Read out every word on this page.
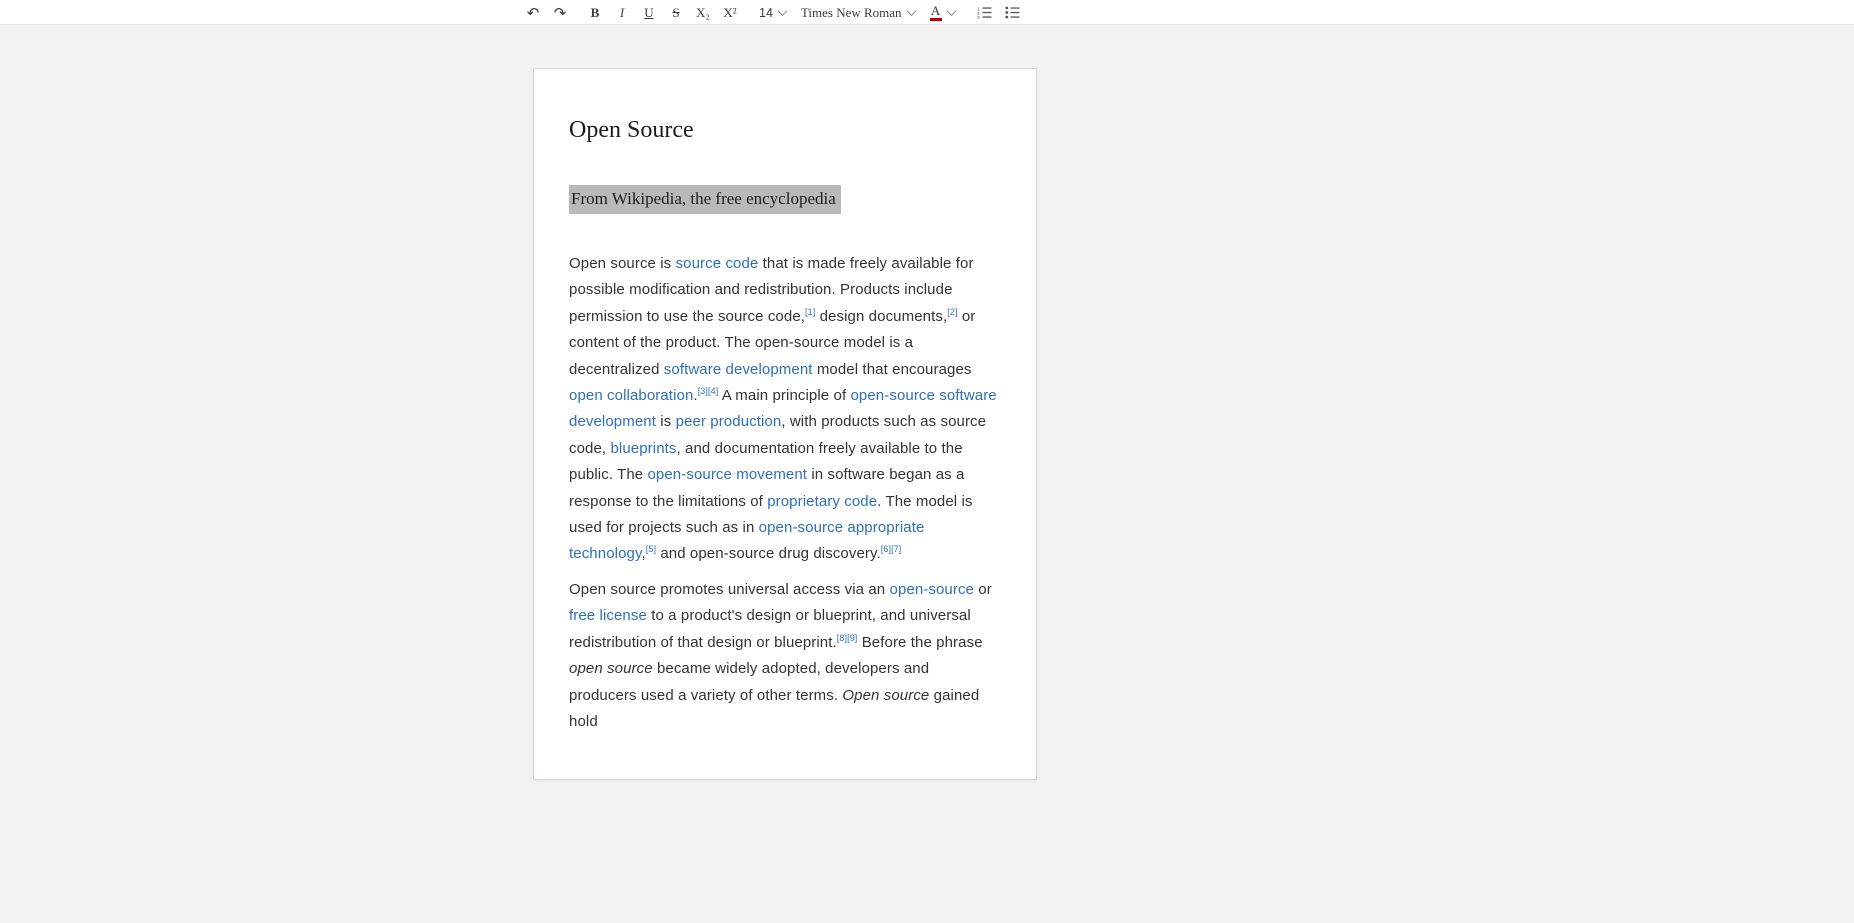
↶ ↷	B	I	U	S	X₂ X² 14 Times New Roman A	1
2
3
Open Source
From Wikipedia, the free encyclopedia

Open source is source code that is made freely available for possible modification and redistribution. Products include permission to use the source code,[1] design documents,[2] or content of the product. The open-source model is a decentralized software development model that encourages open collaboration.[3][4] A main principle of open-source software development is peer production, with products such as source code, blueprints, and documentation freely available to the public. The open-source movement in software began as a response to the limitations of proprietary code. The model is used for projects such as in open-source appropriate technology,[5] and open-source drug discovery.[6][7]

Open source promotes universal access via an open-source or free license to a product's design or blueprint, and universal redistribution of that design or blueprint.[8][9] Before the phrase open source became widely adopted, developers and producers used a variety of other terms. Open source gained hold
